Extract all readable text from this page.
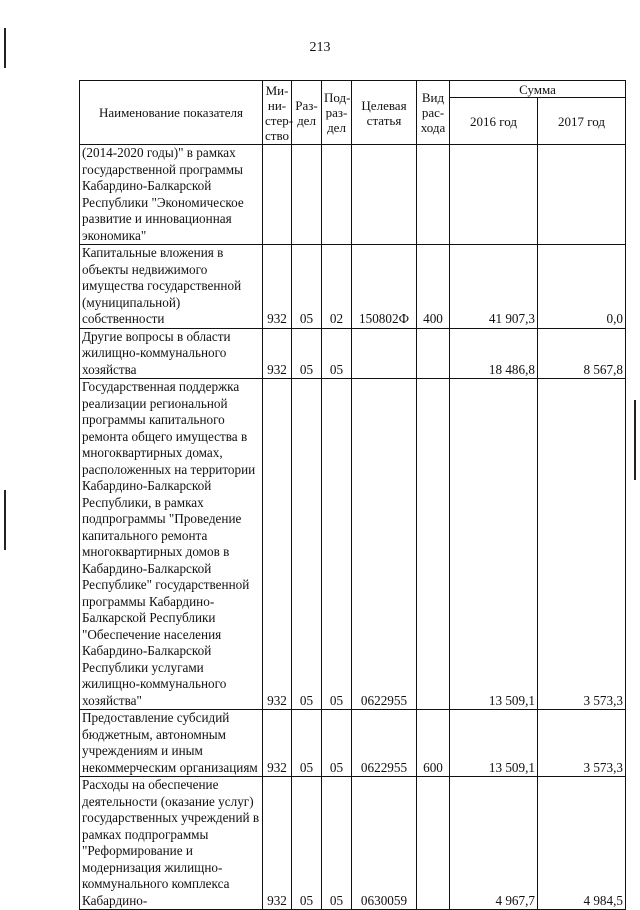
213
Наименование показателя	Ми-ни-стер-ство	Раз-дел	Под-раз-дел	Целевая статья	Вид рас-хода	Сумма	
						2016 год	2017 год
(2014-2020 годы)" в рамках государственной программы Кабардино-Балкарской Республики "Экономическое развитие и инновационная экономика"							
Капитальные вложения в объекты недвижимого имущества государственной (муниципальной) собственности	932	05	02	150802Ф	400	41 907,3	0,0
Другие вопросы в области жилищно-коммунального хозяйства	932	05	05			18 486,8	8 567,8
Государственная поддержка реализации региональной программы капитального ремонта общего имущества в многоквартирных домах, расположенных на территории Кабардино-Балкарской Республики, в рамках подпрограммы "Проведение капитального ремонта многоквартирных домов в Кабардино-Балкарской Республике" государственной программы Кабардино-Балкарской Республики "Обеспечение населения Кабардино-Балкарской Республики услугами жилищно-коммунального хозяйства"	932	05	05	0622955		13 509,1	3 573,3
Предоставление субсидий бюджетным, автономным учреждениям и иным некоммерческим организациям	932	05	05	0622955	600	13 509,1	3 573,3
Расходы на обеспечение деятельности (оказание услуг) государственных учреждений в рамках подпрограммы "Реформирование и модернизация жилищно-коммунального комплекса Кабардино-	932	05	05	0630059		4 967,7	4 984,5
